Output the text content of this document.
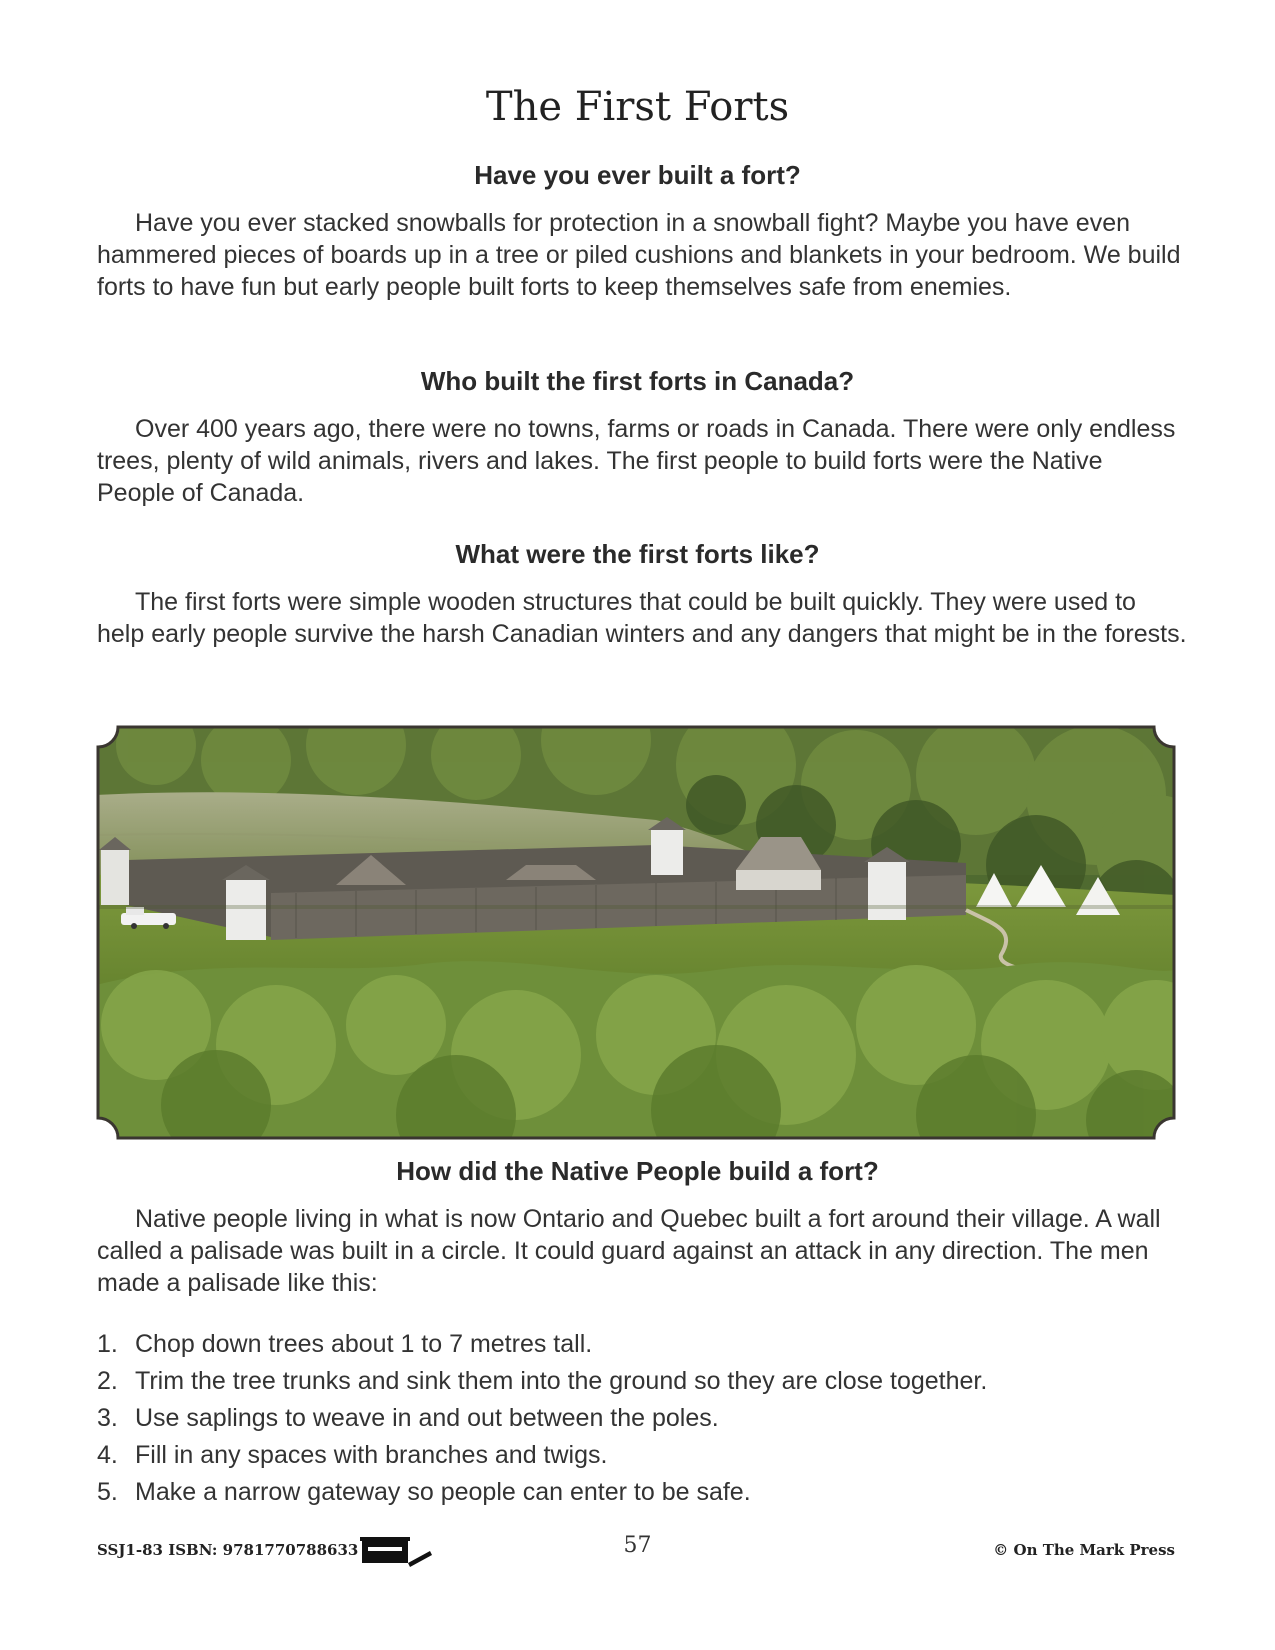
The First Forts
Have you ever built a fort?

Have you ever stacked snowballs for protection in a snowball fight? Maybe you have even hammered pieces of boards up in a tree or piled cushions and blankets in your bedroom. We build forts to have fun but early people built forts to keep themselves safe from enemies.

Who built the first forts in Canada?

Over 400 years ago, there were no towns, farms or roads in Canada. There were only endless trees, plenty of wild animals, rivers and lakes. The first people to build forts were the Native People of Canada.

What were the first forts like?

The first forts were simple wooden structures that could be built quickly. They were used to help early people survive the harsh Canadian winters and any dangers that might be in the forests.

How did the Native People build a fort?

Native people living in what is now Ontario and Quebec built a fort around their village. A wall called a palisade was built in a circle. It could guard against an attack in any direction. The men made a palisade like this:

1. Chop down trees about 1 to 7 metres tall.
2. Trim the tree trunks and sink them into the ground so they are close together.
3. Use saplings to weave in and out between the poles.
4. Fill in any spaces with branches and twigs.
5. Make a narrow gateway so people can enter to be safe.
SSJ1-83 ISBN: 9781770788633	57	© On The Mark Press
